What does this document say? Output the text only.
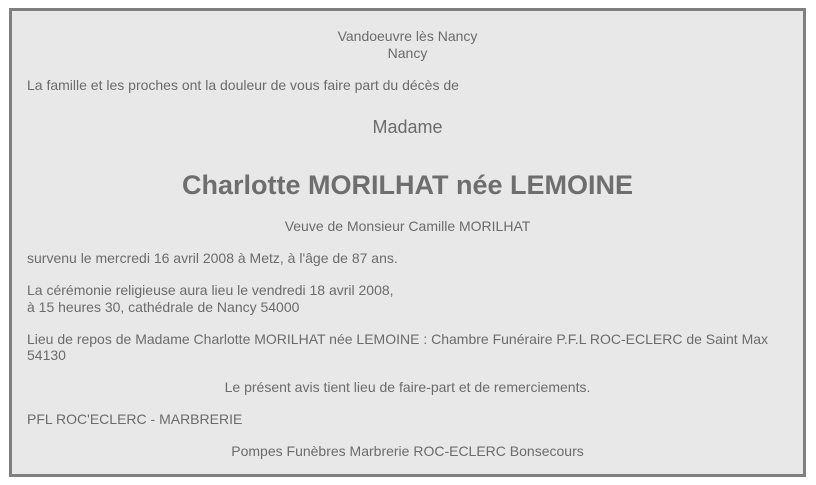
Vandoeuvre lès Nancy
Nancy
La famille et les proches ont la douleur de vous faire part du décès de
Madame
Charlotte MORILHAT née LEMOINE
Veuve de Monsieur Camille MORILHAT
survenu le mercredi 16 avril 2008 à Metz, à l'âge de 87 ans.
La cérémonie religieuse aura lieu le vendredi 18 avril 2008,
à 15 heures 30, cathédrale de Nancy 54000
Lieu de repos de Madame Charlotte MORILHAT née LEMOINE : Chambre Funéraire P.F.L ROC-ECLERC de Saint Max 54130
Le présent avis tient lieu de faire-part et de remerciements.
PFL ROC'ECLERC - MARBRERIE
Pompes Funèbres Marbrerie ROC-ECLERC Bonsecours
